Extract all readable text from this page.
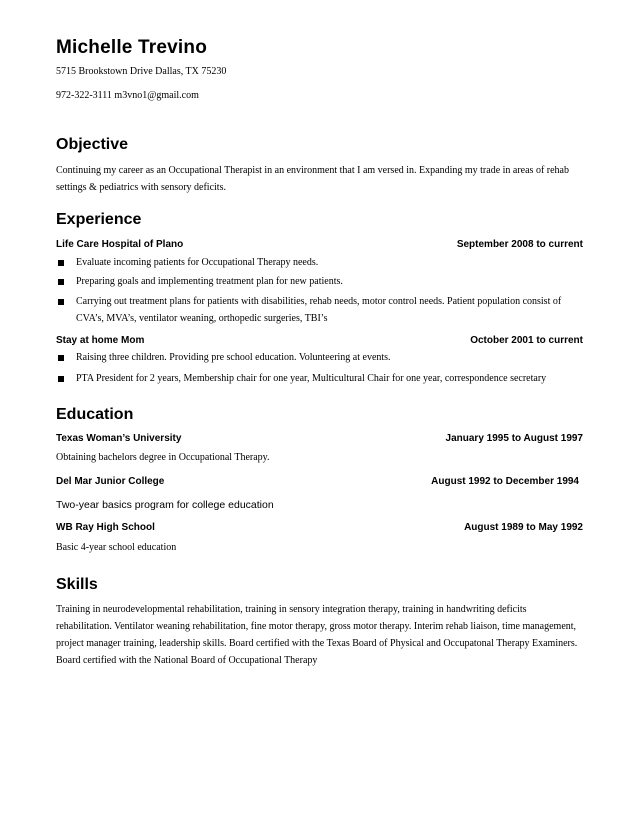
Michelle Trevino
5715 Brookstown Drive Dallas, TX 75230
972-322-3111 m3vno1@gmail.com
Objective
Continuing my career as an Occupational Therapist in an environment that I am versed in. Expanding my trade in areas of rehab settings & pediatrics with sensory deficits.
Experience
Life Care Hospital of Plano	September 2008 to current
Evaluate incoming patients for Occupational Therapy needs.
Preparing goals and implementing treatment plan for new patients.
Carrying out treatment plans for patients with disabilities, rehab needs, motor control needs. Patient population consist of CVA’s, MVA’s, ventilator weaning, orthopedic surgeries, TBI’s
Stay at home Mom	October 2001 to current
Raising three children. Providing pre school education. Volunteering at events.
PTA President for 2 years, Membership chair for one year, Multicultural Chair for one year, correspondence secretary
Education
Texas Woman’s University	January 1995 to August 1997
Obtaining bachelors degree in Occupational Therapy.
Del Mar Junior College	August 1992 to December 1994
Two-year basics program for college education
WB Ray High School	August 1989 to May 1992
Basic 4-year school education
Skills
Training in neurodevelopmental rehabilitation, training in sensory integration therapy, training in handwriting deficits rehabilitation. Ventilator weaning rehabilitation, fine motor therapy, gross motor therapy. Interim rehab liaison, time management, project manager training, leadership skills. Board certified with the Texas Board of Physical and Occupatonal Therapy Examiners. Board certified with the National Board of Occupational Therapy
